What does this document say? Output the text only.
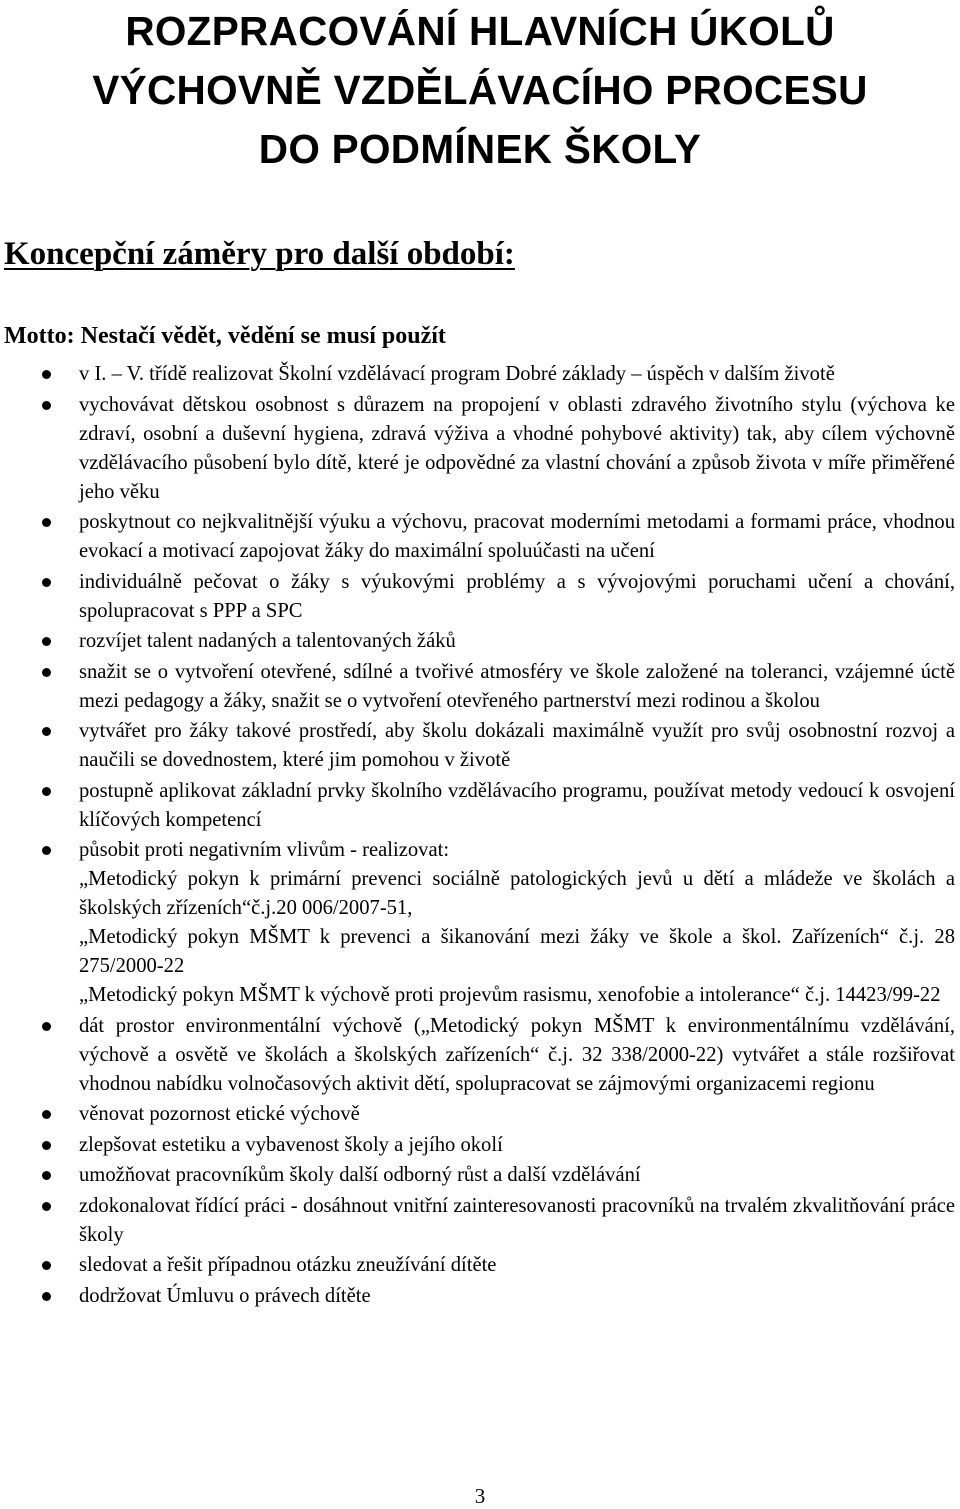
ROZPRACOVÁNÍ HLAVNÍCH ÚKOLŮ
VÝCHOVNĚ VZDĚLÁVACÍHO PROCESU
DO PODMÍNEK ŠKOLY
Koncepční záměry pro další období:

Motto: Nestačí vědět, vědění se musí použít

v I. – V. třídě realizovat Školní vzdělávací program Dobré základy – úspěch v dalším životě
vychovávat dětskou osobnost s důrazem na propojení v oblasti zdravého životního stylu (výchova ke zdraví, osobní a duševní hygiena, zdravá výživa a vhodné pohybové aktivity) tak, aby cílem výchovně vzdělávacího působení bylo dítě, které je odpovědné za vlastní chování a způsob života v míře přiměřené jeho věku
poskytnout co nejkvalitnější výuku a výchovu, pracovat moderními metodami a formami práce, vhodnou evokací a motivací zapojovat žáky do maximální spoluúčasti na učení
individuálně pečovat o žáky s výukovými problémy a s vývojovými poruchami učení a chování, spolupracovat s PPP a SPC
rozvíjet talent nadaných a talentovaných žáků
snažit se o vytvoření otevřené, sdílné a tvořivé atmosféry ve škole založené na toleranci, vzájemné úctě mezi pedagogy a žáky, snažit se o vytvoření otevřeného partnerství mezi rodinou a školou
vytvářet pro žáky takové prostředí, aby školu dokázali maximálně využít pro svůj osobnostní rozvoj a naučili se dovednostem, které jim pomohou v životě
postupně aplikovat základní prvky školního vzdělávacího programu, používat metody vedoucí k osvojení klíčových kompetencí
působit proti negativním vlivům - realizovat:
„Metodický pokyn k primární prevenci sociálně patologických jevů u dětí a mládeže ve školách a školských zřízeních“č.j.20 006/2007-51,
„Metodický pokyn MŠMT k prevenci a šikanování mezi žáky ve škole a škol. Zařízeních“ č.j. 28 275/2000-22
„Metodický pokyn MŠMT k výchově proti projevům rasismu, xenofobie a intolerance“ č.j. 14423/99-22
dát prostor environmentální výchově („Metodický pokyn MŠMT k environmentálnímu vzdělávání, výchově a osvětě ve školách a školských zařízeních“ č.j. 32 338/2000-22) vytvářet a stále rozšiřovat vhodnou nabídku volnočasových aktivit dětí, spolupracovat se zájmovými organizacemi regionu
věnovat pozornost etické výchově
zlepšovat estetiku a vybavenost školy a jejího okolí
umožňovat pracovníkům školy další odborný růst a další vzdělávání
zdokonalovat řídící práci - dosáhnout vnitřní zainteresovanosti pracovníků na trvalém zkvalitňování práce školy
sledovat a řešit případnou otázku zneužívání dítěte
dodržovat Úmluvu o právech dítěte
3
